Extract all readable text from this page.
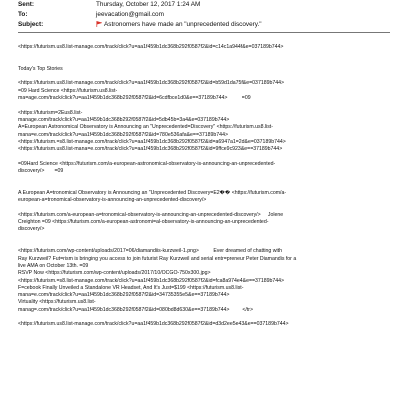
Sent:	Thursday, October 12, 2017 1:24 AM
To:	jeevacation@gmail.com
Subject:	Astronomers have made an "unprecedented discovery."
<https://futurism.us8.list-manage.com/track/click?u=aa1f459b1dc368b292f0587f2&id=c14c1a944f&e=037189b744>
Today's Top Stories
<https://futurism.us8.list-manage.com/track/click?u=aa1f459b1dc368b292f0587f2&id=b59d1da75f&e=037189b744>
=09 Hard Science <https://futurism.us8.list-
ma=age.com/track/click?u=aa1f459b1dc368b292f0587f2&id=6cdfbce1d0&e==37189b744>          =09
<https://futurism=2Eus8.list-
manage.com/track/click?u=aa1f459b1dc368b292f0587f2&id=5db45b=3a4&e=037189b744>
A=European Astronomical Observatory is Announcing an "Unprecedented=Discovery" <https://futurism.us8.list-
mana=e.com/track/click?u=aa1f459b1dc368b292f0587f2&id=780e536afa&e==37189b744>
<https://futurism.=s8.list-manage.com/track/click?u=aa1f459b1dc368b292f0587f2&id=a6947a1=2d&e=037189b744>
<https://futurism.us8.list-mana=e.com/track/click?u=aa1f459b1dc368b292f0587f2&id=9ffce9c923&e==37189b744>
=09Hard Science <https://futurism.com/a-european-astronomical-observatory-is-announcing-an-unprecedented-
discovery/>       =09
A European A=tronomical Observatory is Announcing an "Unprecedented Discovery=E2�� <https://futurism.com/a-
european-a=tronomical-observatory-is-announcing-an-unprecedented-discovery/>
<https://futurism.com/a-european-a=tronomical-observatory-is-announcing-an-unprecedented-discovery/>     Jolene
Creighton =09 <https://futurism.com/a-european-astronomi=al-observatory-is-announcing-an-unprecedented-
discovery/>
<https://futurism.com/wp-content/uploads/2017=06/diamandiis-kurzweil-1.png>          Ever dreamed of chatting with
Ray Kurzweil? Fut=rism is bringing you access to join futurist Ray Kurzweil and serial entr=preneur Peter Diamandis for a
live AMA on October 13th. =09
RSVP Now <https://futurism.com/wp-content/uploads/2017/10/OCGO-750x300.jpg>
<https://futurism.=s8.list-manage.com/track/click?u=aa1f459b1dc368b292f0587f2&id=fca8a974e4&e==37189b744>
F=cebook Finally Unveiled a Standalone VR Headset, And It's Just=$199 <https://futurism.us8.list-
mana=e.com/track/click?u=aa1f459b1dc368b292f0587f2&id=34735355e5&e==37189b744>
Virtuality <https://futurism.us8.list-
manag=.com/track/click?u=aa1f459b1dc368b292f0587f2&id=080bd8d630&e==37189b744>         </tr>
<https://futurism.us8.list-manage.com/track/click?u=aa1f459b1dc368b292f0587f2&id=d3d2ee5e43&e==037189b744>
